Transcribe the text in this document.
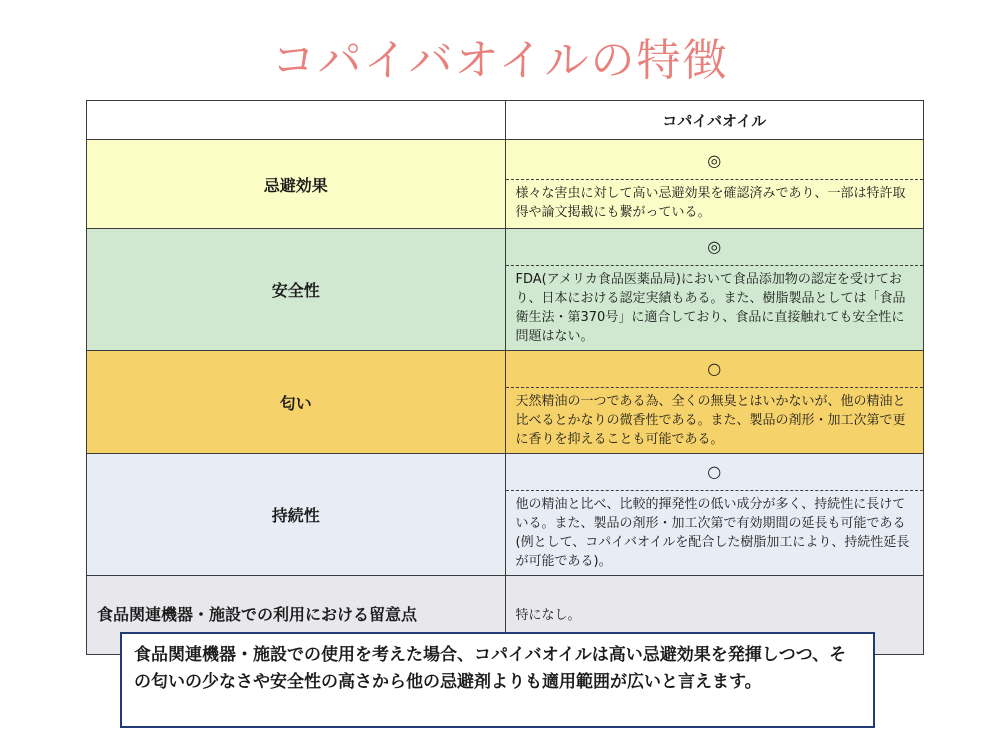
コパイバオイルの特徴
	コパイバオイル
忌避効果	◎
様々な害虫に対して高い忌避効果を確認済みであり、一部は特許取得や論文掲載にも繋がっている。

安全性	◎
FDA(アメリカ食品医薬品局)において食品添加物の認定を受けており、日本における認定実績もある。また、樹脂製品としては「食品衛生法・第370号」に適合しており、食品に直接触れても安全性に問題はない。

匂い	○
天然精油の一つである為、全くの無臭とはいかないが、他の精油と比べるとかなりの微香性である。また、製品の剤形・加工次第で更に香りを抑えることも可能である。

持続性	○
他の精油と比べ、比較的揮発性の低い成分が多く、持続性に長けている。また、製品の剤形・加工次第で有効期間の延長も可能である(例として、コパイバオイルを配合した樹脂加工により、持続性延長が可能である)。

食品関連機器・施設での利用における留意点	特になし。
食品関連機器・施設での使用を考えた場合、コパイバオイルは高い忌避効果を発揮しつつ、その匂いの少なさや安全性の高さから他の忌避剤よりも適用範囲が広いと言えます。
